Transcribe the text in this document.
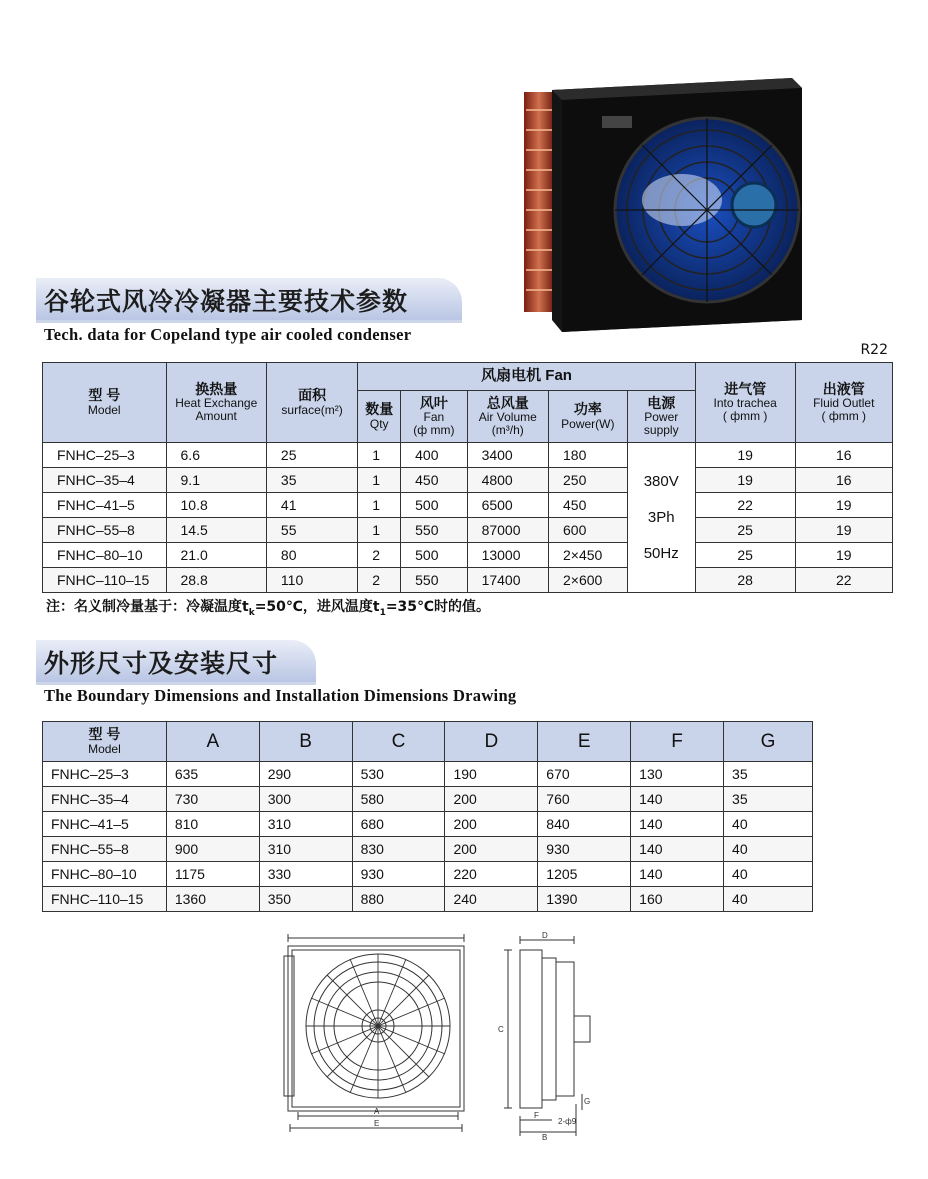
谷轮式风冷冷凝器主要技术参数
Tech. data for Copeland type air cooled condenser
R22
型 号
Model	换热量
Heat Exchange
Amount	面积
surface(m²)	风扇电机 Fan					进气管
Into trachea
( фmm )	出液管
Fluid Outlet
( фmm )

			数量
Qty	风叶
Fan
(ф mm)	总风量
Air Volume
(m³/h)	功率
Power(W)	电源
Power
supply		

FNHC–25–3	6.6	25	1	400	3400	180	380V
3Ph
50Hz	19	16
FNHC–35–4	9.1	35	1	450	4800	250		19	16
FNHC–41–5	10.8	41	1	500	6500	450		22	19
FNHC–55–8	14.5	55	1	550	87000	600		25	19
FNHC–80–10	21.0	80	2	500	13000	2×450		25	19
FNHC–110–15	28.8	110	2	550	17400	2×600		28	22
注：名义制冷量基于：冷凝温度$t_k=50℃$，进风温度$t_1=35℃$时的值。
外形尺寸及安装尺寸
The Boundary Dimensions and Installation Dimensions Drawing
型 号
Model	A	B	C	D	E	F	G
FNHC–25–3	635	290	530	190	670	130	35
FNHC–35–4	730	300	580	200	760	140	35
FNHC–41–5	810	310	680	200	840	140	40
FNHC–55–8	900	310	830	200	930	140	40
FNHC–80–10	1175	330	930	220	1205	140	40
FNHC–110–15	1360	350	880	240	1390	160	40
A
E
D
C
F
B
G
2-ф9
